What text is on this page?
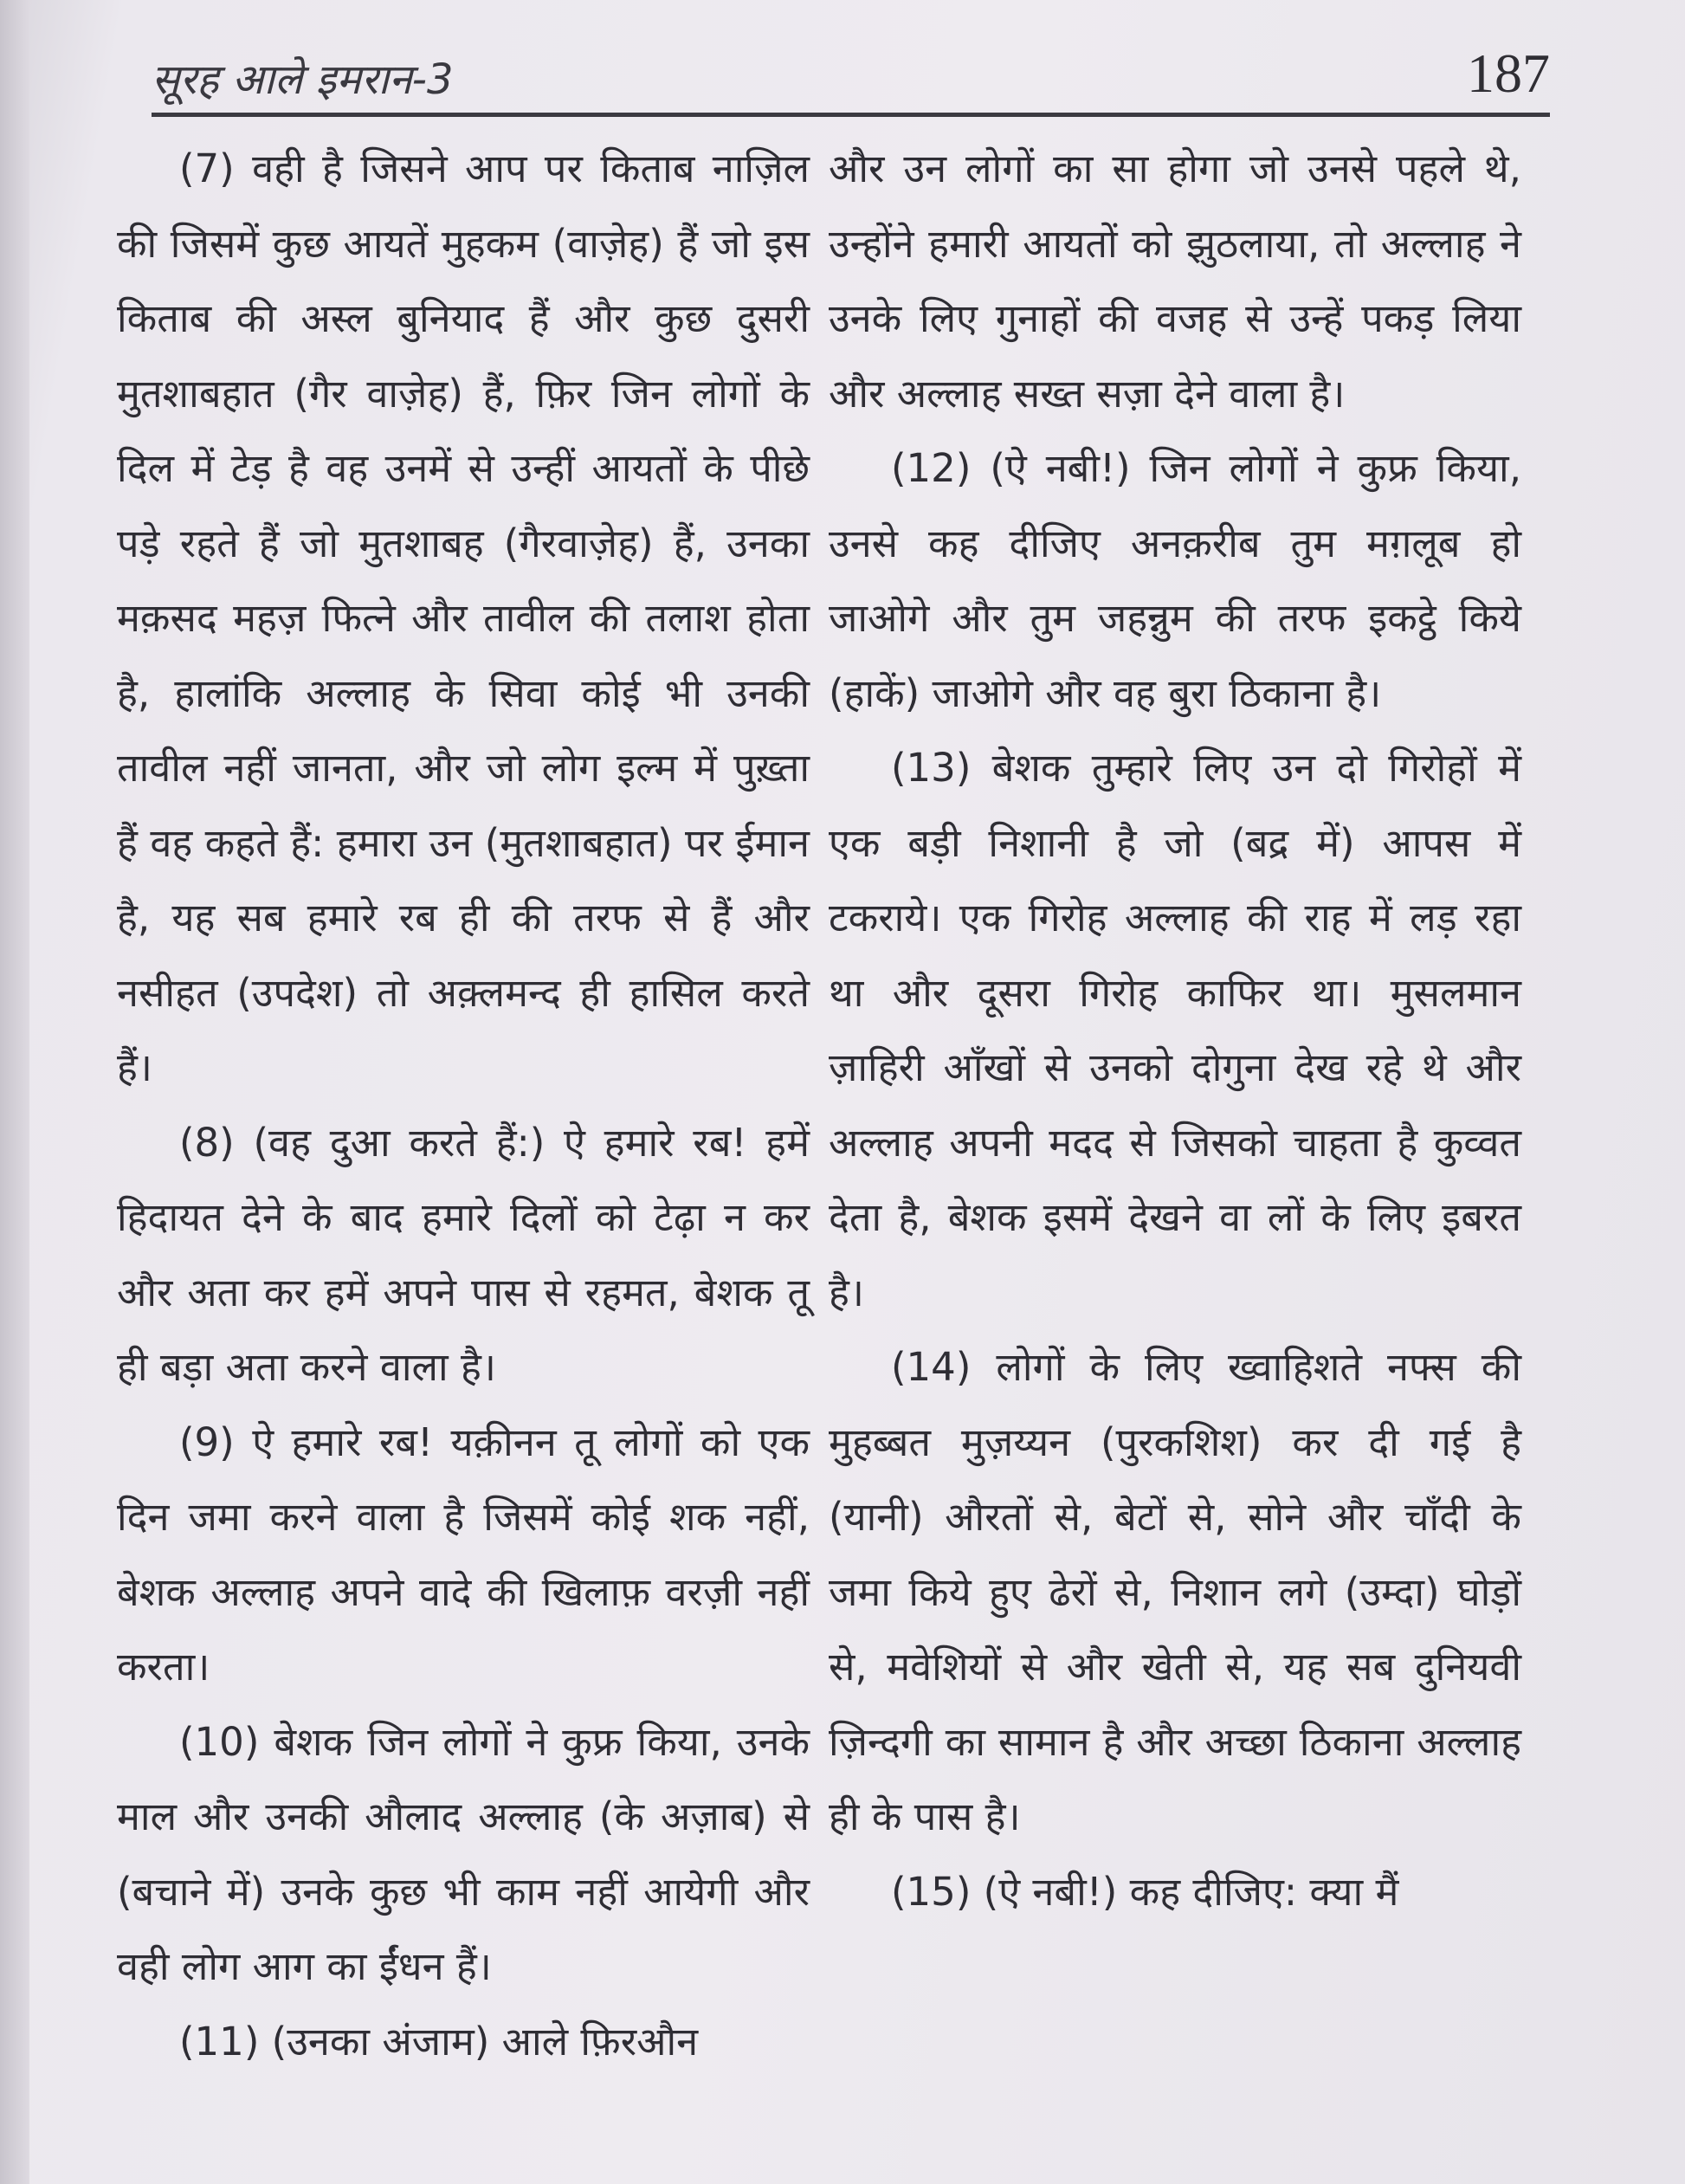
सूरह आले इमरान-3	187

(7) वही है जिसने आप पर किताब नाज़िल की जिसमें कुछ आयतें मुहकम (वाज़ेह) हैं जो इस किताब की अस्ल बुनियाद हैं और कुछ दुसरी मुतशाबहात (गैर वाज़ेह) हैं, फ़िर जिन लोगों के दिल में टेड़ है वह उनमें से उन्हीं आयतों के पीछे पड़े रहते हैं जो मुतशाबह (गैरवाज़ेह) हैं, उनका मक़सद महज़ फित्ने और तावील की तलाश होता है, हालांकि अल्लाह के सिवा कोई भी उनकी तावील नहीं जानता, और जो लोग इल्म में पुख़्ता हैं वह कहते हैं: हमारा उन (मुतशाबहात) पर ईमान है, यह सब हमारे रब ही की तरफ से हैं और नसीहत (उपदेश) तो अक़्लमन्द ही हासिल करते हैं।

(8) (वह दुआ करते हैं:) ऐ हमारे रब! हमें हिदायत देने के बाद हमारे दिलों को टेढ़ा न कर और अता कर हमें अपने पास से रहमत, बेशक तू ही बड़ा अता करने वाला है।

(9) ऐ हमारे रब! यक़ीनन तू लोगों को एक दिन जमा करने वाला है जिसमें कोई शक नहीं, बेशक अल्लाह अपने वादे की खिलाफ़ वरज़ी नहीं करता।

(10) बेशक जिन लोगों ने कुफ्र किया, उनके माल और उनकी औलाद अल्लाह (के अज़ाब) से (बचाने में) उनके कुछ भी काम नहीं आयेगी और वही लोग आग का ईंधन हैं।

(11) (उनका अंजाम) आले फ़िरऔन

और उन लोगों का सा होगा जो उनसे पहले थे, उन्होंने हमारी आयतों को झुठलाया, तो अल्लाह ने उनके लिए गुनाहों की वजह से उन्हें पकड़ लिया और अल्लाह सख्त सज़ा देने वाला है।

(12) (ऐ नबी!) जिन लोगों ने कुफ्र किया, उनसे कह दीजिए अनक़रीब तुम मग़लूब हो जाओगे और तुम जहन्नुम की तरफ इकट्ठे किये (हाकें) जाओगे और वह बुरा ठिकाना है।

(13) बेशक तुम्हारे लिए उन दो गिरोहों में एक बड़ी निशानी है जो (बद्र में) आपस में टकराये। एक गिरोह अल्लाह की राह में लड़ रहा था और दूसरा गिरोह काफिर था। मुसलमान ज़ाहिरी आँखों से उनको दोगुना देख रहे थे और अल्लाह अपनी मदद से जिसको चाहता है कुव्वत देता है, बेशक इसमें देखने वा लों के लिए इबरत है।

(14) लोगों के लिए ख्वाहिशते नफ्स की मुहब्बत मुज़य्यन (पुरकशिश) कर दी गई है (यानी) औरतों से, बेटों से, सोने और चाँदी के जमा किये हुए ढेरों से, निशान लगे (उम्दा) घोड़ों से, मवेशियों से और खेती से, यह सब दुनियवी ज़िन्दगी का सामान है और अच्छा ठिकाना अल्लाह ही के पास है।

(15) (ऐ नबी!) कह दीजिए: क्या मैं
